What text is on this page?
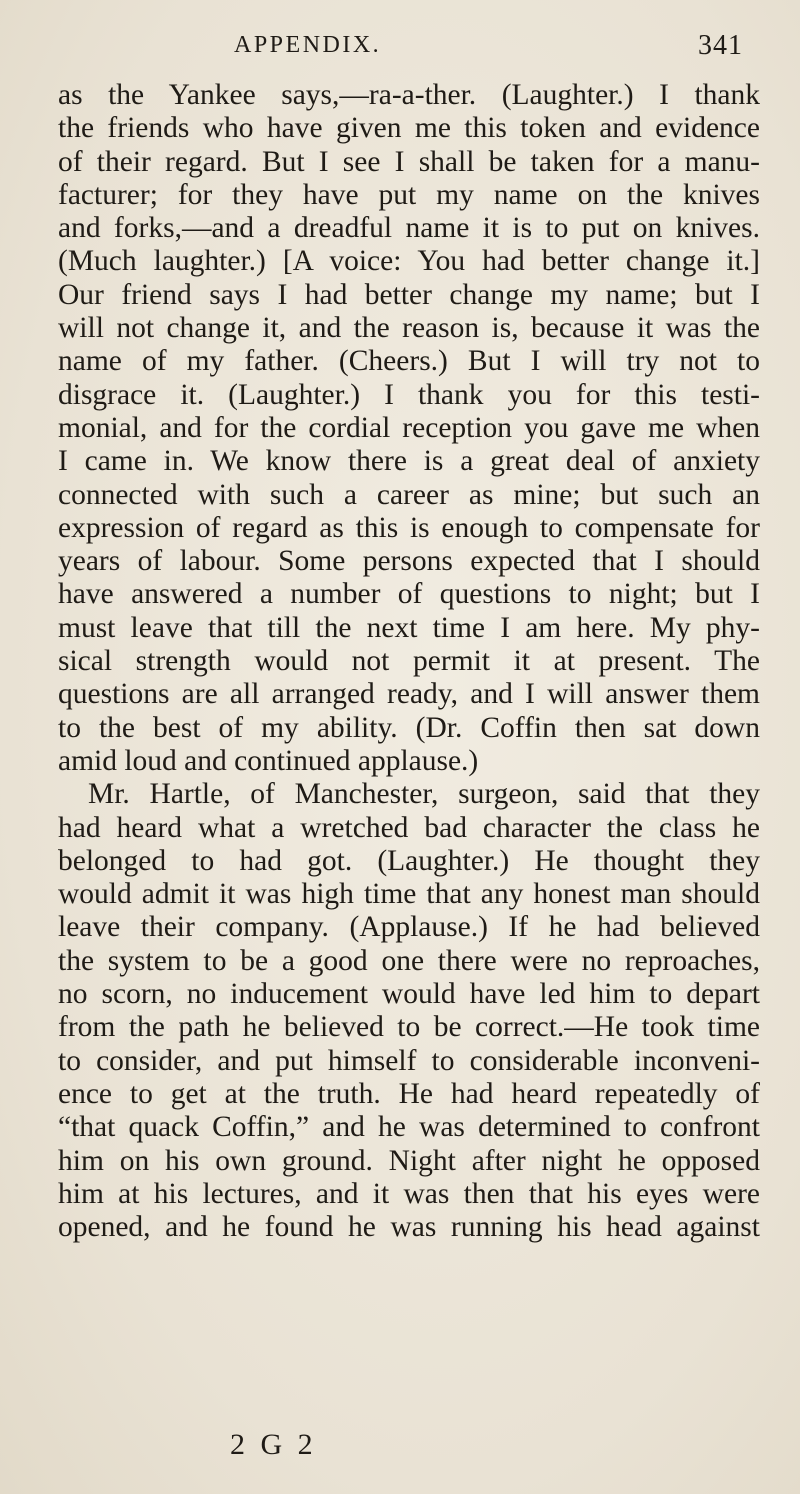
APPENDIX.	341
as the Yankee says,—ra-a-ther. (Laughter.) I thank
the friends who have given me this token and evidence
of their regard. But I see I shall be taken for a manu-
facturer; for they have put my name on the knives
and forks,—and a dreadful name it is to put on knives.
(Much laughter.) [A voice: You had better change it.]
Our friend says I had better change my name; but I
will not change it, and the reason is, because it was the
name of my father. (Cheers.) But I will try not to
disgrace it. (Laughter.) I thank you for this testi-
monial, and for the cordial reception you gave me when
I came in. We know there is a great deal of anxiety
connected with such a career as mine; but such an
expression of regard as this is enough to compensate for
years of labour. Some persons expected that I should
have answered a number of questions to night; but I
must leave that till the next time I am here. My phy-
sical strength would not permit it at present. The
questions are all arranged ready, and I will answer them
to the best of my ability. (Dr. Coffin then sat down
amid loud and continued applause.)
Mr. Hartle, of Manchester, surgeon, said that they
had heard what a wretched bad character the class he
belonged to had got. (Laughter.) He thought they
would admit it was high time that any honest man should
leave their company. (Applause.) If he had believed
the system to be a good one there were no reproaches,
no scorn, no inducement would have led him to depart
from the path he believed to be correct.—He took time
to consider, and put himself to considerable inconveni-
ence to get at the truth. He had heard repeatedly of
“that quack Coffin,” and he was determined to confront
him on his own ground. Night after night he opposed
him at his lectures, and it was then that his eyes were
opened, and he found he was running his head against
2 G 2
